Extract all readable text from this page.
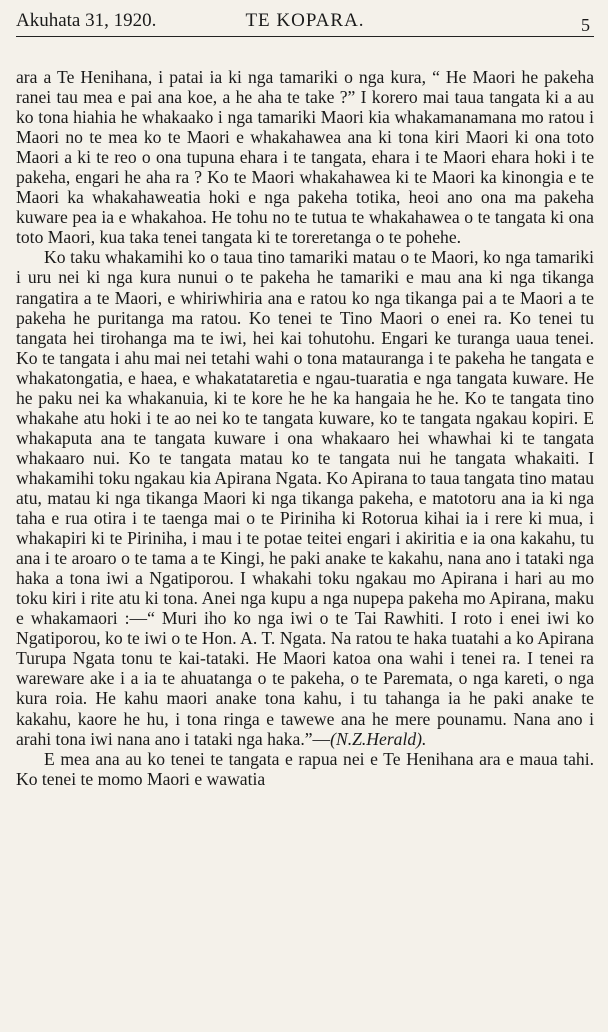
Akuhata 31, 1920.	TE KOPARA.	5

ara a Te Henihana, i patai ia ki nga tamariki o nga kura, “ He Maori he pakeha ranei tau mea e pai ana koe, a he aha te take ?” I korero mai taua tangata ki a au ko tona hiahia he whakaako i nga tamariki Maori kia whakamanamana mo ratou i Maori no te mea ko te Maori e whakahawea ana ki tona kiri Maori ki ona toto Maori a ki te reo o ona tupuna ehara i te tangata, ehara i te Maori ehara hoki i te pakeha, engari he aha ra ? Ko te Maori whakahawea ki te Maori ka kinongia e te Maori ka whakahaweatia hoki e nga pakeha totika, heoi ano ona ma pakeha kuware pea ia e whakahoa. He tohu no te tutua te whakahawea o te tangata ki ona toto Maori, kua taka tenei tangata ki te toreretanga o te pohehe.

Ko taku whakamihi ko o taua tino tamariki matau o te Maori, ko nga tamariki i uru nei ki nga kura nunui o te pakeha he tamariki e mau ana ki nga tikanga rangatira a te Maori, e whiriwhiria ana e ratou ko nga tikanga pai a te Maori a te pakeha he puritanga ma ratou. Ko tenei te Tino Maori o enei ra. Ko tenei tu tangata hei tirohanga ma te iwi, hei kai tohutohu. Engari ke turanga uaua tenei. Ko te tangata i ahu mai nei tetahi wahi o tona matauranga i te pakeha he tangata e whakatongatia, e haea, e whakatataretia e ngau-tuaratia e nga tangata kuware. He he paku nei ka whakanuia, ki te kore he he ka hangaia he he. Ko te tangata tino whakahe atu hoki i te ao nei ko te tangata kuware, ko te tangata ngakau kopiri. E whakaputa ana te tangata kuware i ona whakaaro hei whawhai ki te tangata whakaaro nui. Ko te tangata matau ko te tangata nui he tangata whakaiti. I whakamihi toku ngakau kia Apirana Ngata. Ko Apirana to taua tangata tino matau atu, matau ki nga tikanga Maori ki nga tikanga pakeha, e matotoru ana ia ki nga taha e rua otira i te taenga mai o te Piriniha ki Rotorua kihai ia i rere ki mua, i whakapiri ki te Piriniha, i mau i te potae teitei engari i akiritia e ia ona kakahu, tu ana i te aroaro o te tama a te Kingi, he paki anake te kakahu, nana ano i tataki nga haka a tona iwi a Ngatiporou. I whakahi toku ngakau mo Apirana i hari au mo toku kiri i rite atu ki tona. Anei nga kupu a nga nupepa pakeha mo Apirana, maku e whakamaori :—“ Muri iho ko nga iwi o te Tai Rawhiti. I roto i enei iwi ko Ngatiporou, ko te iwi o te Hon. A. T. Ngata. Na ratou te haka tuatahi a ko Apirana Turupa Ngata tonu te kai-tataki. He Maori katoa ona wahi i tenei ra. I tenei ra wareware ake i a ia te ahuatanga o te pakeha, o te Paremata, o nga kareti, o nga kura roia. He kahu maori anake tona kahu, i tu tahanga ia he paki anake te kakahu, kaore he hu, i tona ringa e tawewe ana he mere pounamu. Nana ano i arahi tona iwi nana ano i tataki nga haka.”—(N.Z.Herald).

E mea ana au ko tenei te tangata e rapua nei e Te Henihana ara e maua tahi. Ko tenei te momo Maori e wawatia
